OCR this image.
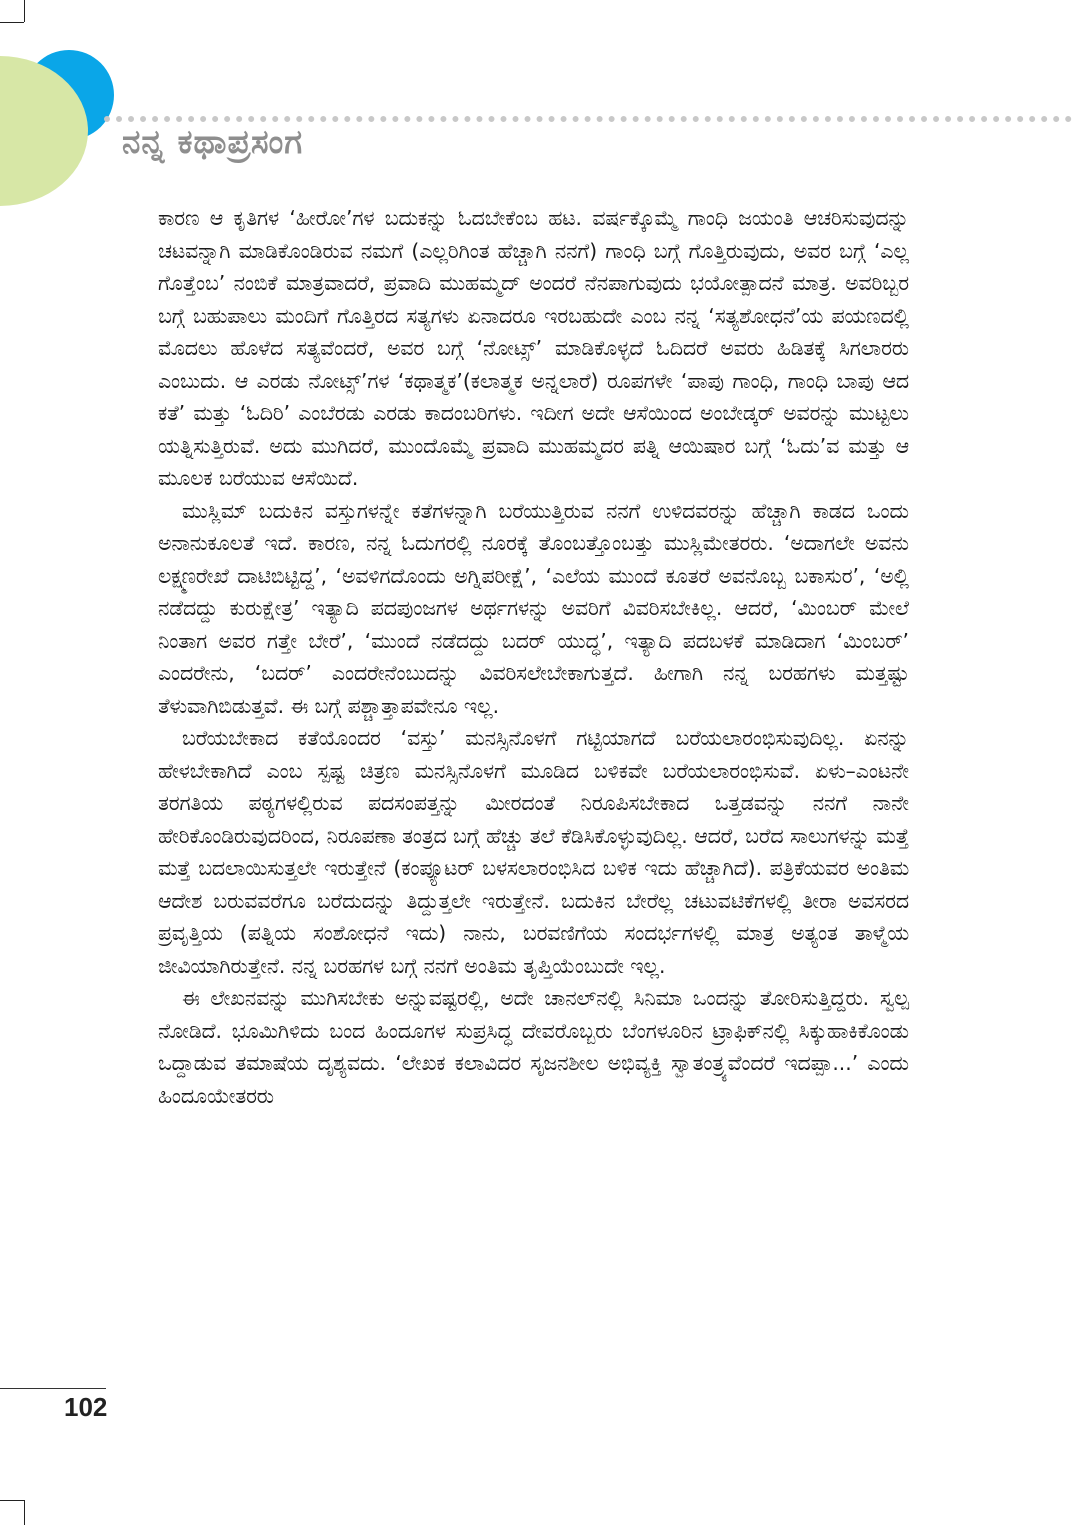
ನನ್ನ ಕಥಾಪ್ರಸಂಗ

ಕಾರಣ ಆ ಕೃತಿಗಳ ‘ಹೀರೋ’ಗಳ ಬದುಕನ್ನು ಓದಬೇಕೆಂಬ ಹಟ. ವರ್ಷಕ್ಕೊಮ್ಮೆ ಗಾಂಧಿ ಜಯಂತಿ ಆಚರಿಸುವುದನ್ನು ಚಟವನ್ನಾಗಿ ಮಾಡಿಕೊಂಡಿರುವ ನಮಗೆ (ಎಲ್ಲರಿಗಿಂತ ಹೆಚ್ಚಾಗಿ ನನಗೆ) ಗಾಂಧಿ ಬಗ್ಗೆ ಗೊತ್ತಿರುವುದು, ಅವರ ಬಗ್ಗೆ ‘ಎಲ್ಲ ಗೊತ್ತೆಂಬ’ ನಂಬಿಕೆ ಮಾತ್ರವಾದರೆ, ಪ್ರವಾದಿ ಮುಹಮ್ಮದ್ ಅಂದರೆ ನೆನಪಾಗುವುದು ಭಯೋತ್ಪಾದನೆ ಮಾತ್ರ. ಅವರಿಬ್ಬರ ಬಗ್ಗೆ ಬಹುಪಾಲು ಮಂದಿಗೆ ಗೊತ್ತಿರದ ಸತ್ಯಗಳು ಏನಾದರೂ ಇರಬಹುದೇ ಎಂಬ ನನ್ನ ‘ಸತ್ಯಶೋಧನೆ’ಯ ಪಯಣದಲ್ಲಿ ಮೊದಲು ಹೊಳೆದ ಸತ್ಯವೆಂದರೆ, ಅವರ ಬಗ್ಗೆ ‘ನೋಟ್ಸ್’ ಮಾಡಿಕೊಳ್ಳದೆ ಓದಿದರೆ ಅವರು ಹಿಡಿತಕ್ಕೆ ಸಿಗಲಾರರು ಎಂಬುದು. ಆ ಎರಡು ನೋಟ್ಸ್’ಗಳ ‘ಕಥಾತ್ಮಕ’(ಕಲಾತ್ಮಕ ಅನ್ನಲಾರೆ) ರೂಪಗಳೇ ‘ಪಾಪು ಗಾಂಧಿ, ಗಾಂಧಿ ಬಾಪು ಆದ ಕತೆ’ ಮತ್ತು ‘ಓದಿರಿ’ ಎಂಬೆರಡು ಎರಡು ಕಾದಂಬರಿಗಳು. ಇದೀಗ ಅದೇ ಆಸೆಯಿಂದ ಅಂಬೇಡ್ಕರ್ ಅವರನ್ನು ಮುಟ್ಟಲು ಯತ್ನಿಸುತ್ತಿರುವೆ. ಅದು ಮುಗಿದರೆ, ಮುಂದೊಮ್ಮೆ ಪ್ರವಾದಿ ಮುಹಮ್ಮದರ ಪತ್ನಿ ಆಯಿಷಾರ ಬಗ್ಗೆ ‘ಓದು’ವ ಮತ್ತು ಆ ಮೂಲಕ ಬರೆಯುವ ಆಸೆಯಿದೆ.

ಮುಸ್ಲಿಮ್ ಬದುಕಿನ ವಸ್ತುಗಳನ್ನೇ ಕತೆಗಳನ್ನಾಗಿ ಬರೆಯುತ್ತಿರುವ ನನಗೆ ಉಳಿದವರನ್ನು ಹೆಚ್ಚಾಗಿ ಕಾಡದ ಒಂದು ಅನಾನುಕೂಲತೆ ಇದೆ. ಕಾರಣ, ನನ್ನ ಓದುಗರಲ್ಲಿ ನೂರಕ್ಕೆ ತೊಂಬತ್ತೊಂಬತ್ತು ಮುಸ್ಲಿಮೇತರರು. ‘ಅದಾಗಲೇ ಅವನು ಲಕ್ಷ್ಮಣರೇಖೆ ದಾಟಿಬಿಟ್ಟಿದ್ದ’, ‘ಅವಳಿಗದೊಂದು ಅಗ್ನಿಪರೀಕ್ಷೆ’, ‘ಎಲೆಯ ಮುಂದೆ ಕೂತರೆ ಅವನೊಬ್ಬ ಬಕಾಸುರ’, ‘ಅಲ್ಲಿ ನಡೆದದ್ದು ಕುರುಕ್ಷೇತ್ರ’ ಇತ್ಯಾದಿ ಪದಪುಂಜಗಳ ಅರ್ಥಗಳನ್ನು ಅವರಿಗೆ ವಿವರಿಸಬೇಕಿಲ್ಲ. ಆದರೆ, ‘ಮಿಂಬರ್ ಮೇಲೆ ನಿಂತಾಗ ಅವರ ಗತ್ತೇ ಬೇರೆ’, ‘ಮುಂದೆ ನಡೆದದ್ದು ಬದರ್ ಯುದ್ಧ’, ಇತ್ಯಾದಿ ಪದಬಳಕೆ ಮಾಡಿದಾಗ ‘ಮಿಂಬರ್’ ಎಂದರೇನು, ‘ಬದರ್’ ಎಂದರೇನೆಂಬುದನ್ನು ವಿವರಿಸಲೇಬೇಕಾಗುತ್ತದೆ. ಹೀಗಾಗಿ ನನ್ನ ಬರಹಗಳು ಮತ್ತಷ್ಟು ತೆಳುವಾಗಿಬಿಡುತ್ತವೆ. ಈ ಬಗ್ಗೆ ಪಶ್ಚಾತ್ತಾಪವೇನೂ ಇಲ್ಲ.

ಬರೆಯಬೇಕಾದ ಕತೆಯೊಂದರ ‘ವಸ್ತು’ ಮನಸ್ಸಿನೊಳಗೆ ಗಟ್ಟಿಯಾಗದೆ ಬರೆಯಲಾರಂಭಿಸುವುದಿಲ್ಲ. ಏನನ್ನು ಹೇಳಬೇಕಾಗಿದೆ ಎಂಬ ಸ್ಪಷ್ಟ ಚಿತ್ರಣ ಮನಸ್ಸಿನೊಳಗೆ ಮೂಡಿದ ಬಳಿಕವೇ ಬರೆಯಲಾರಂಭಿಸುವೆ. ಏಳು–ಎಂಟನೇ ತರಗತಿಯ ಪಠ್ಯಗಳಲ್ಲಿರುವ ಪದಸಂಪತ್ತನ್ನು ಮೀರದಂತೆ ನಿರೂಪಿಸಬೇಕಾದ ಒತ್ತಡವನ್ನು ನನಗೆ ನಾನೇ ಹೇರಿಕೊಂಡಿರುವುದರಿಂದ, ನಿರೂಪಣಾ ತಂತ್ರದ ಬಗ್ಗೆ ಹೆಚ್ಚು ತಲೆ ಕೆಡಿಸಿಕೊಳ್ಳುವುದಿಲ್ಲ. ಆದರೆ, ಬರೆದ ಸಾಲುಗಳನ್ನು ಮತ್ತೆ ಮತ್ತೆ ಬದಲಾಯಿಸುತ್ತಲೇ ಇರುತ್ತೇನೆ (ಕಂಪ್ಯೂಟರ್ ಬಳಸಲಾರಂಭಿಸಿದ ಬಳಿಕ ಇದು ಹೆಚ್ಚಾಗಿದೆ). ಪತ್ರಿಕೆಯವರ ಅಂತಿಮ ಆದೇಶ ಬರುವವರೆಗೂ ಬರೆದುದನ್ನು ತಿದ್ದುತ್ತಲೇ ಇರುತ್ತೇನೆ. ಬದುಕಿನ ಬೇರೆಲ್ಲ ಚಟುವಟಿಕೆಗಳಲ್ಲಿ ತೀರಾ ಅವಸರದ ಪ್ರವೃತ್ತಿಯ (ಪತ್ನಿಯ ಸಂಶೋಧನೆ ಇದು) ನಾನು, ಬರವಣಿಗೆಯ ಸಂದರ್ಭಗಳಲ್ಲಿ ಮಾತ್ರ ಅತ್ಯಂತ ತಾಳ್ಮೆಯ ಜೀವಿಯಾಗಿರುತ್ತೇನೆ. ನನ್ನ ಬರಹಗಳ ಬಗ್ಗೆ ನನಗೆ ಅಂತಿಮ ತೃಪ್ತಿಯೆಂಬುದೇ ಇಲ್ಲ.

ಈ ಲೇಖನವನ್ನು ಮುಗಿಸಬೇಕು ಅನ್ನುವಷ್ಟರಲ್ಲಿ, ಅದೇ ಚಾನಲ್‌ನಲ್ಲಿ ಸಿನಿಮಾ ಒಂದನ್ನು ತೋರಿಸುತ್ತಿದ್ದರು. ಸ್ವಲ್ಪ ನೋಡಿದೆ. ಭೂಮಿಗಿಳಿದು ಬಂದ ಹಿಂದೂಗಳ ಸುಪ್ರಸಿದ್ಧ ದೇವರೊಬ್ಬರು ಬೆಂಗಳೂರಿನ ಟ್ರಾಫಿಕ್‌ನಲ್ಲಿ ಸಿಕ್ಕುಹಾಕಿಕೊಂಡು ಒದ್ದಾಡುವ ತಮಾಷೆಯ ದೃಶ್ಯವದು. ‘ಲೇಖಕ ಕಲಾವಿದರ ಸೃಜನಶೀಲ ಅಭಿವ್ಯಕ್ತಿ ಸ್ವಾತಂತ್ರ್ಯವೆಂದರೆ ಇದಪ್ಪಾ...’ ಎಂದು ಹಿಂದೂಯೇತರರು

102
